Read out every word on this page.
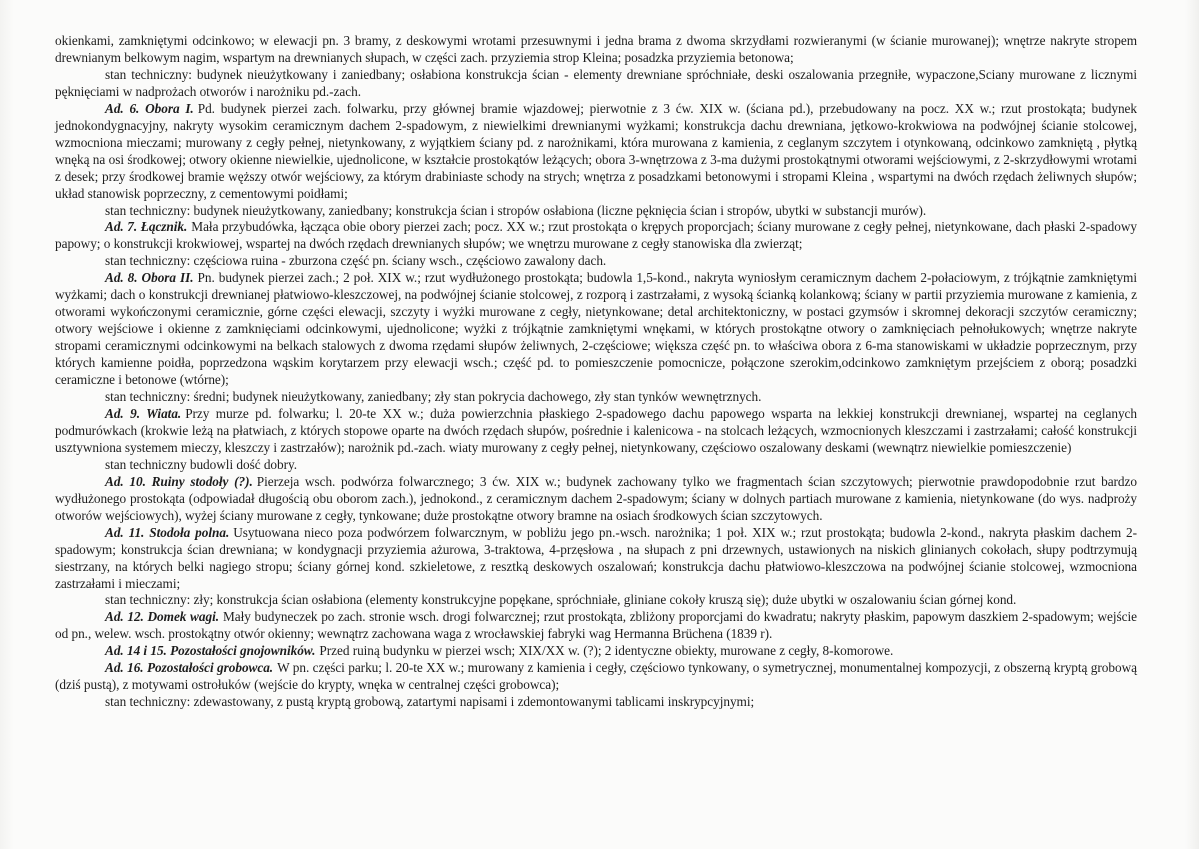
okienkami, zamkniętymi odcinkowo; w elewacji pn. 3 bramy, z deskowymi wrotami przesuwnymi i jedna brama z dwoma skrzydłami rozwieranymi (w ścianie murowanej); wnętrze nakryte stropem drewnianym belkowym nagim, wspartym na drewnianych słupach, w części zach. przyziemia strop Kleina; posadzka przyziemia betonowa;

stan techniczny: budynek nieużytkowany i zaniedbany; osłabiona konstrukcja ścian - elementy drewniane spróchniałe, deski oszalowania przegniłe, wypaczone,Sciany murowane z licznymi pęknięciami w nadprożach otworów i narożniku pd.-zach.

Ad. 6. Obora I. Pd. budynek pierzei zach. folwarku, przy głównej bramie wjazdowej; pierwotnie z 3 ćw. XIX w. (ściana pd.), przebudowany na pocz. XX w.; rzut prostokąta; budynek jednokondygnacyjny, nakryty wysokim ceramicznym dachem 2-spadowym, z niewielkimi drewnianymi wyżkami; konstrukcja dachu drewniana, jętkowo-krokwiowa na podwójnej ścianie stolcowej, wzmocniona mieczami; murowany z cegły pełnej, nietynkowany, z wyjątkiem ściany pd. z narożnikami, która murowana z kamienia, z ceglanym szczytem i otynkowaną, odcinkowo zamkniętą , płytką wnęką na osi środkowej; otwory okienne niewielkie, ujednolicone, w kształcie prostokątów leżących; obora 3-wnętrzowa z 3-ma dużymi prostokątnymi otworami wejściowymi, z 2-skrzydłowymi wrotami z desek; przy środkowej bramie węższy otwór wejściowy, za którym drabiniaste schody na strych; wnętrza z posadzkami betonowymi i stropami Kleina , wspartymi na dwóch rzędach żeliwnych słupów; układ stanowisk poprzeczny, z cementowymi poidłami;

stan techniczny: budynek nieużytkowany, zaniedbany; konstrukcja ścian i stropów osłabiona (liczne pęknięcia ścian i stropów, ubytki w substancji murów).

Ad. 7. Łącznik. Mała przybudówka, łącząca obie obory pierzei zach; pocz. XX w.; rzut prostokąta o krępych proporcjach; ściany murowane z cegły pełnej, nietynkowane, dach płaski 2-spadowy papowy; o konstrukcji krokwiowej, wspartej na dwóch rzędach drewnianych słupów; we wnętrzu murowane z cegły stanowiska dla zwierząt;

stan techniczny: częściowa ruina - zburzona część pn. ściany wsch., częściowo zawalony dach.

Ad. 8. Obora II. Pn. budynek pierzei zach.; 2 poł. XIX w.; rzut wydłużonego prostokąta; budowla 1,5-kond., nakryta wyniosłym ceramicznym dachem 2-połaciowym, z trójkątnie zamkniętymi wyżkami; dach o konstrukcji drewnianej płatwiowo-kleszczowej, na podwójnej ścianie stolcowej, z rozporą i zastrzałami, z wysoką ścianką kolankową; ściany w partii przyziemia murowane z kamienia, z otworami wykończonymi ceramicznie, górne części elewacji, szczyty i wyżki murowane z cegły, nietynkowane; detal architektoniczny, w postaci gzymsów i skromnej dekoracji szczytów ceramiczny; otwory wejściowe i okienne z zamknięciami odcinkowymi, ujednolicone; wyżki z trójkątnie zamkniętymi wnękami, w których prostokątne otwory o zamknięciach pełnołukowych; wnętrze nakryte stropami ceramicznymi odcinkowymi na belkach stalowych z dwoma rzędami słupów żeliwnych, 2-częściowe; większa część pn. to właściwa obora z 6-ma stanowiskami w układzie poprzecznym, przy których kamienne poidła, poprzedzona wąskim korytarzem przy elewacji wsch.; część pd. to pomieszczenie pomocnicze, połączone szerokim,odcinkowo zamkniętym przejściem z oborą; posadzki ceramiczne i betonowe (wtórne);

stan techniczny: średni; budynek nieużytkowany, zaniedbany; zły stan pokrycia dachowego, zły stan tynków wewnętrznych.

Ad. 9. Wiata. Przy murze pd. folwarku; l. 20-te XX w.; duża powierzchnia płaskiego 2-spadowego dachu papowego wsparta na lekkiej konstrukcji drewnianej, wspartej na ceglanych podmurówkach (krokwie leżą na płatwiach, z których stopowe oparte na dwóch rzędach słupów, pośrednie i kalenicowa - na stolcach leżących, wzmocnionych kleszczami i zastrzałami; całość konstrukcji usztywniona systemem mieczy, kleszczy i zastrzałów); narożnik pd.-zach. wiaty murowany z cegły pełnej, nietynkowany, częściowo oszalowany deskami (wewnątrz niewielkie pomieszczenie)

stan techniczny budowli dość dobry.

Ad. 10. Ruiny stodoły (?). Pierzeja wsch. podwórza folwarcznego; 3 ćw. XIX w.; budynek zachowany tylko we fragmentach ścian szczytowych; pierwotnie prawdopodobnie rzut bardzo wydłużonego prostokąta (odpowiadał długością obu oborom zach.), jednokond., z ceramicznym dachem 2-spadowym; ściany w dolnych partiach murowane z kamienia, nietynkowane (do wys. nadproży otworów wejściowych), wyżej ściany murowane z cegły, tynkowane; duże prostokątne otwory bramne na osiach środkowych ścian szczytowych.

Ad. 11. Stodoła polna. Usytuowana nieco poza podwórzem folwarcznym, w pobliżu jego pn.-wsch. narożnika; 1 poł. XIX w.; rzut prostokąta; budowla 2-kond., nakryta płaskim dachem 2-spadowym; konstrukcja ścian drewniana; w kondygnacji przyziemia ażurowa, 3-traktowa, 4-przęsłowa , na słupach z pni drzewnych, ustawionych na niskich glinianych cokołach, słupy podtrzymują siestrzany, na których belki nagiego stropu; ściany górnej kond. szkieletowe, z resztką deskowych oszalowań; konstrukcja dachu płatwiowo-kleszczowa na podwójnej ścianie stolcowej, wzmocniona zastrzałami i mieczami;

stan techniczny: zły; konstrukcja ścian osłabiona (elementy konstrukcyjne popękane, spróchniałe, gliniane cokoły kruszą się); duże ubytki w oszalowaniu ścian górnej kond.

Ad. 12. Domek wagi. Mały budyneczek po zach. stronie wsch. drogi folwarcznej; rzut prostokąta, zbliżony proporcjami do kwadratu; nakryty płaskim, papowym daszkiem 2-spadowym; wejście od pn., welew. wsch. prostokątny otwór okienny; wewnątrz zachowana waga z wrocławskiej fabryki wag Hermanna Brüchena (1839 r).

Ad. 14 i 15. Pozostałości gnojowników. Przed ruiną budynku w pierzei wsch; XIX/XX w. (?); 2 identyczne obiekty, murowane z cegły, 8-komorowe.

Ad. 16. Pozostałości grobowca. W pn. części parku; l. 20-te XX w.; murowany z kamienia i cegły, częściowo tynkowany, o symetrycznej, monumentalnej kompozycji, z obszerną kryptą grobową (dziś pustą), z motywami ostrołuków (wejście do krypty, wnęka w centralnej części grobowca);

stan techniczny: zdewastowany, z pustą kryptą grobową, zatartymi napisami i zdemontowanymi tablicami inskrypcyjnymi;
